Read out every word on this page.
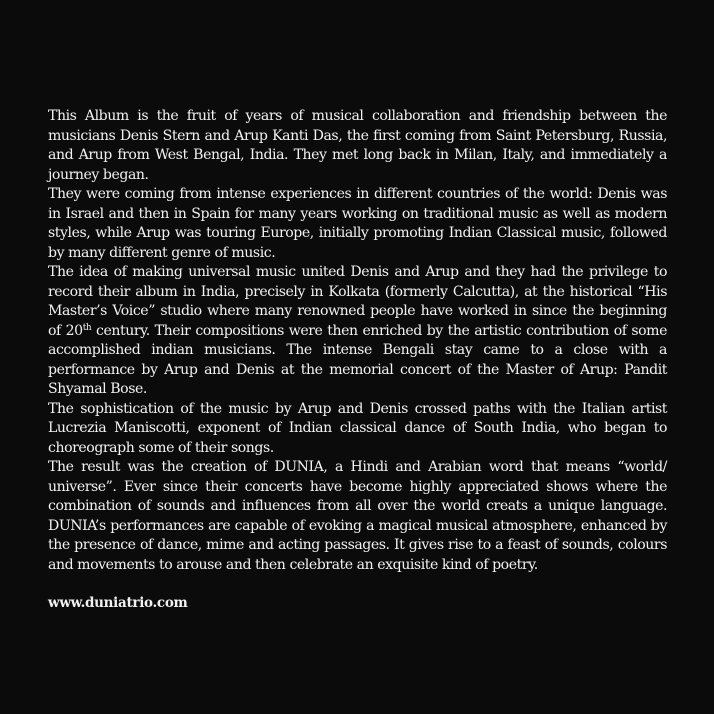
This Album is the fruit of years of musical collaboration and friendship between the musicians Denis Stern and Arup Kanti Das, the first coming from Saint Petersburg, Russia, and Arup from West Bengal, India. They met long back in Milan, Italy, and immediately a journey began.

They were coming from intense experiences in different countries of the world: Denis was in Israel and then in Spain for many years working on traditional music as well as modern styles, while Arup was touring Europe, initially promoting Indian Classical music, followed by many different genre of music.

The idea of making universal music united Denis and Arup and they had the privilege to record their album in India, precisely in Kolkata (formerly Calcutta), at the historical “His Master’s Voice” studio where many renowned people have worked in since the beginning of 20th century. Their compositions were then enriched by the artistic contribution of some accomplished indian musicians. The intense Bengali stay came to a close with a performance by Arup and Denis at the memorial concert of the Master of Arup: Pandit Shyamal Bose.

The sophistication of the music by Arup and Denis crossed paths with the Italian artist Lucrezia Maniscotti, exponent of Indian classical dance of South India, who began to choreograph some of their songs.

The result was the creation of DUNIA, a Hindi and Arabian word that means “world/ universe”. Ever since their concerts have become highly appreciated shows where the combination of sounds and influences from all over the world creats a unique language. DUNIA’s performances are capable of evoking a magical musical atmosphere, enhanced by the presence of dance, mime and acting passages. It gives rise to a feast of sounds, colours and movements to arouse and then celebrate an exquisite kind of poetry.

www.duniatrio.com
